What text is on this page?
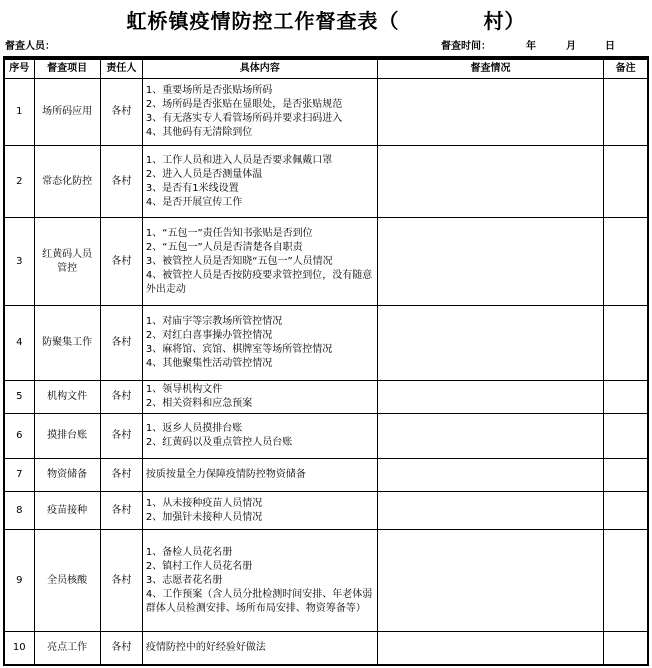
虹桥镇疫情防控工作督查表（　　　　村）
督查人员：	督查时间：	年	月	日
序号	督查项目	责任人	具体内容	督查情况	备注
1	场所码应用	各村	1、重要场所是否张贴场所码
2、场所码是否张贴在显眼处，是否张贴规范
3、有无落实专人看管场所码并要求扫码进入
4、其他码有无清除到位		

2	常态化防控	各村	1、工作人员和进入人员是否要求佩戴口罩
2、进入人员是否测量体温
3、是否有1米线设置
4、是否开展宣传工作		

3	红黄码人员管控	各村	1、“五包一”责任告知书张贴是否到位
2、“五包一”人员是否清楚各自职责
3、被管控人员是否知晓“五包一”人员情况
4、被管控人员是否按防疫要求管控到位，没有随意外出走动		

4	防聚集工作	各村	1、对庙宇等宗教场所管控情况
2、对红白喜事操办管控情况
3、麻将馆、宾馆、棋牌室等场所管控情况
4、其他聚集性活动管控情况		

5	机构文件	各村	1、领导机构文件
2、相关资料和应急预案		

6	摸排台账	各村	1、返乡人员摸排台账
2、红黄码以及重点管控人员台账		

7	物资储备	各村	按质按量全力保障疫情防控物资储备		

8	疫苗接种	各村	1、从未接种疫苗人员情况
2、加强针未接种人员情况		

9	全员核酸	各村	1、备检人员花名册
2、镇村工作人员花名册
3、志愿者花名册
4、工作预案（含人员分批检测时间安排、年老体弱群体人员检测安排、场所布局安排、物资筹备等）		

10	亮点工作	各村	疫情防控中的好经验好做法		
